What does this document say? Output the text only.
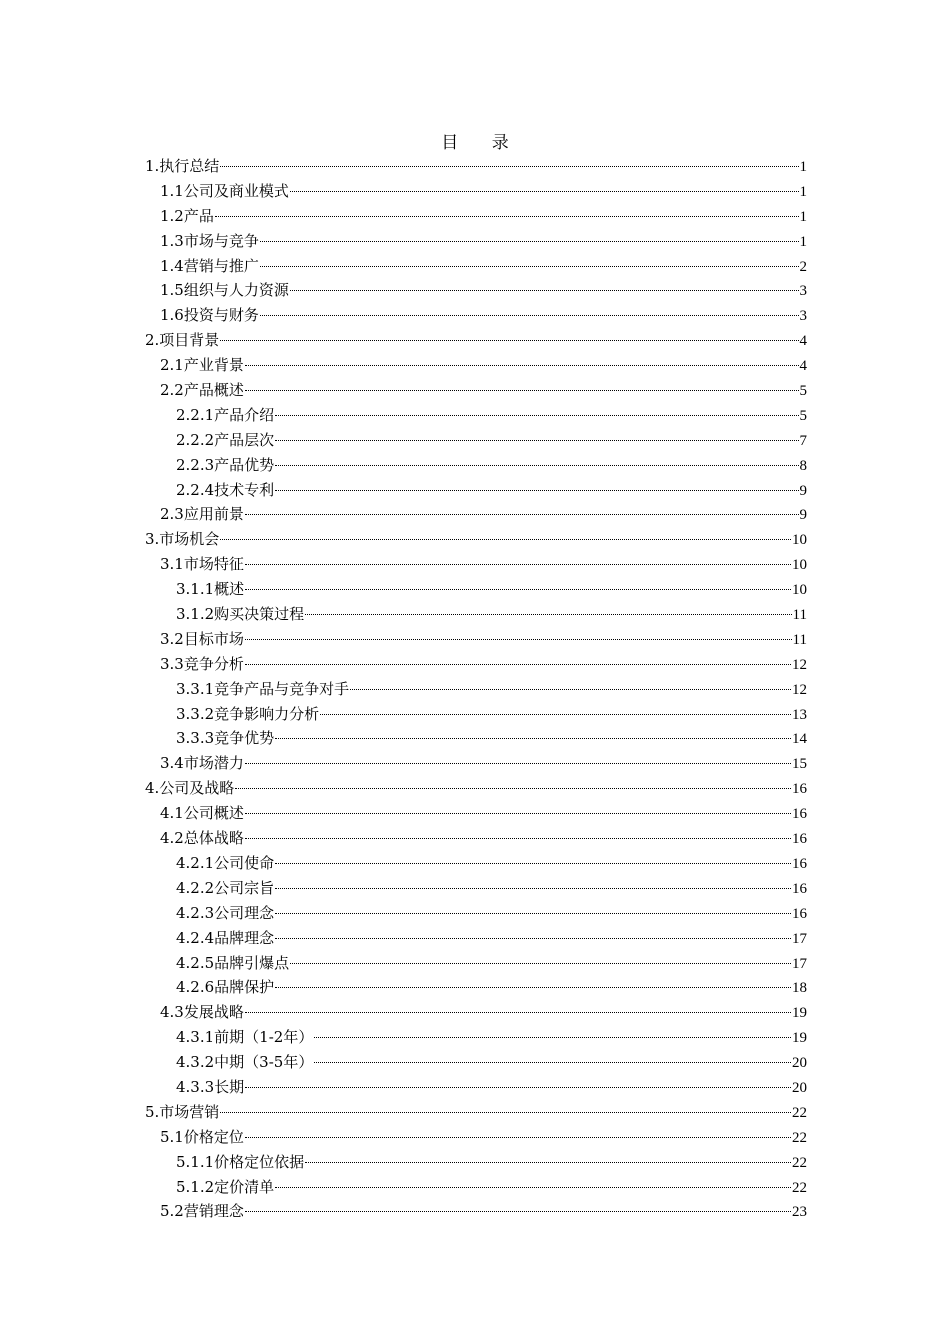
目 录
1.执行总结	1
1.1公司及商业模式	1
1.2产品	1
1.3市场与竞争	1
1.4营销与推广	2
1.5组织与人力资源	3
1.6投资与财务	3
2.项目背景	4
2.1产业背景	4
2.2产品概述	5
2.2.1产品介绍	5
2.2.2产品层次	7
2.2.3产品优势	8
2.2.4技术专利	9
2.3应用前景	9
3.市场机会	10
3.1市场特征	10
3.1.1概述	10
3.1.2购买决策过程	11
3.2目标市场	11
3.3竞争分析	12
3.3.1竞争产品与竞争对手	12
3.3.2竞争影响力分析	13
3.3.3竞争优势	14
3.4市场潜力	15
4.公司及战略	16
4.1公司概述	16
4.2总体战略	16
4.2.1公司使命	16
4.2.2公司宗旨	16
4.2.3公司理念	16
4.2.4品牌理念	17
4.2.5品牌引爆点	17
4.2.6品牌保护	18
4.3发展战略	19
4.3.1前期（1-2年）	19
4.3.2中期（3-5年）	20
4.3.3长期	20
5.市场营销	22
5.1价格定位	22
5.1.1价格定位依据	22
5.1.2定价清单	22
5.2营销理念	23
